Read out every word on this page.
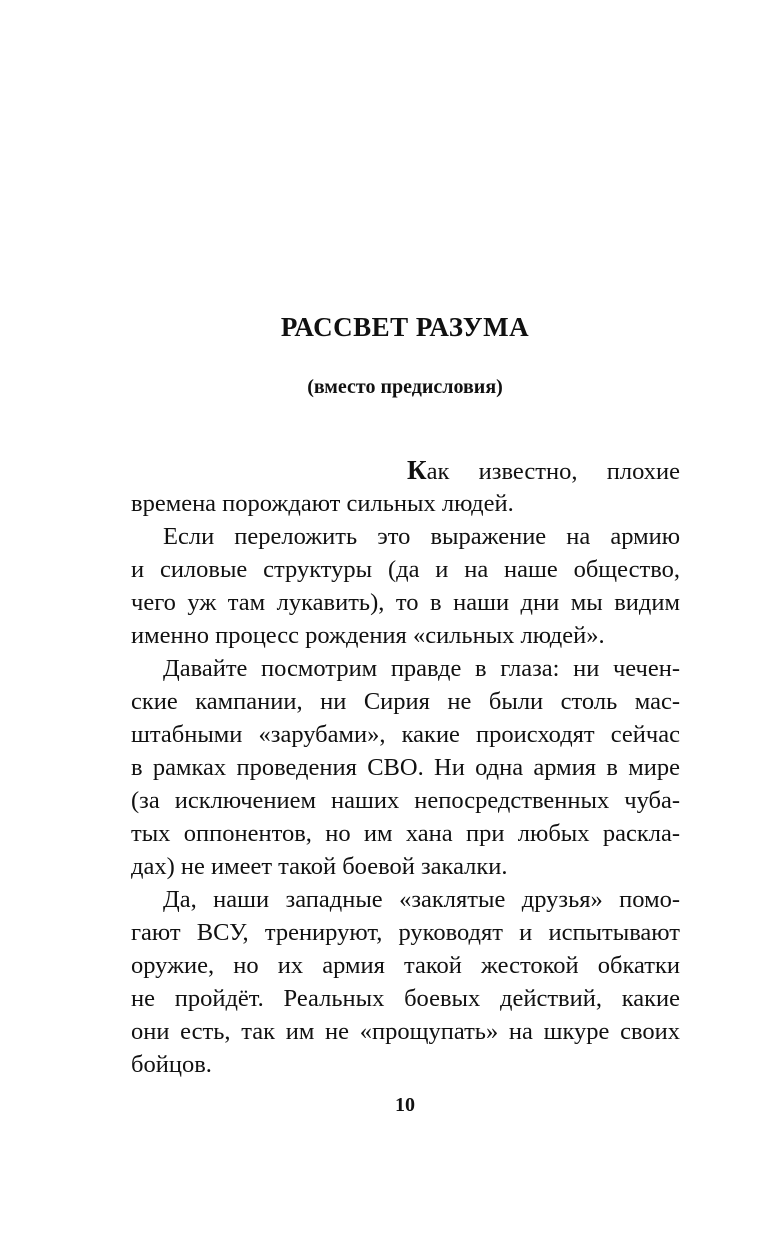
РАССВЕТ РАЗУМА
(вместо предисловия)
Как известно, плохие
времена порождают сильных людей.
Если переложить это выражение на армию
и силовые структуры (да и на наше общество,
чего уж там лукавить), то в наши дни мы видим
именно процесс рождения «сильных людей».
Давайте посмотрим правде в глаза: ни чечен-
ские кампании, ни Сирия не были столь мас-
штабными «зарубами», какие происходят сейчас
в рамках проведения СВО. Ни одна армия в мире
(за исключением наших непосредственных чуба-
тых оппонентов, но им хана при любых раскла-
дах) не имеет такой боевой закалки.
Да, наши западные «заклятые друзья» помо-
гают ВСУ, тренируют, руководят и испытывают
оружие, но их армия такой жестокой обкатки
не пройдёт. Реальных боевых действий, какие
они есть, так им не «прощупать» на шкуре своих
бойцов.
10
